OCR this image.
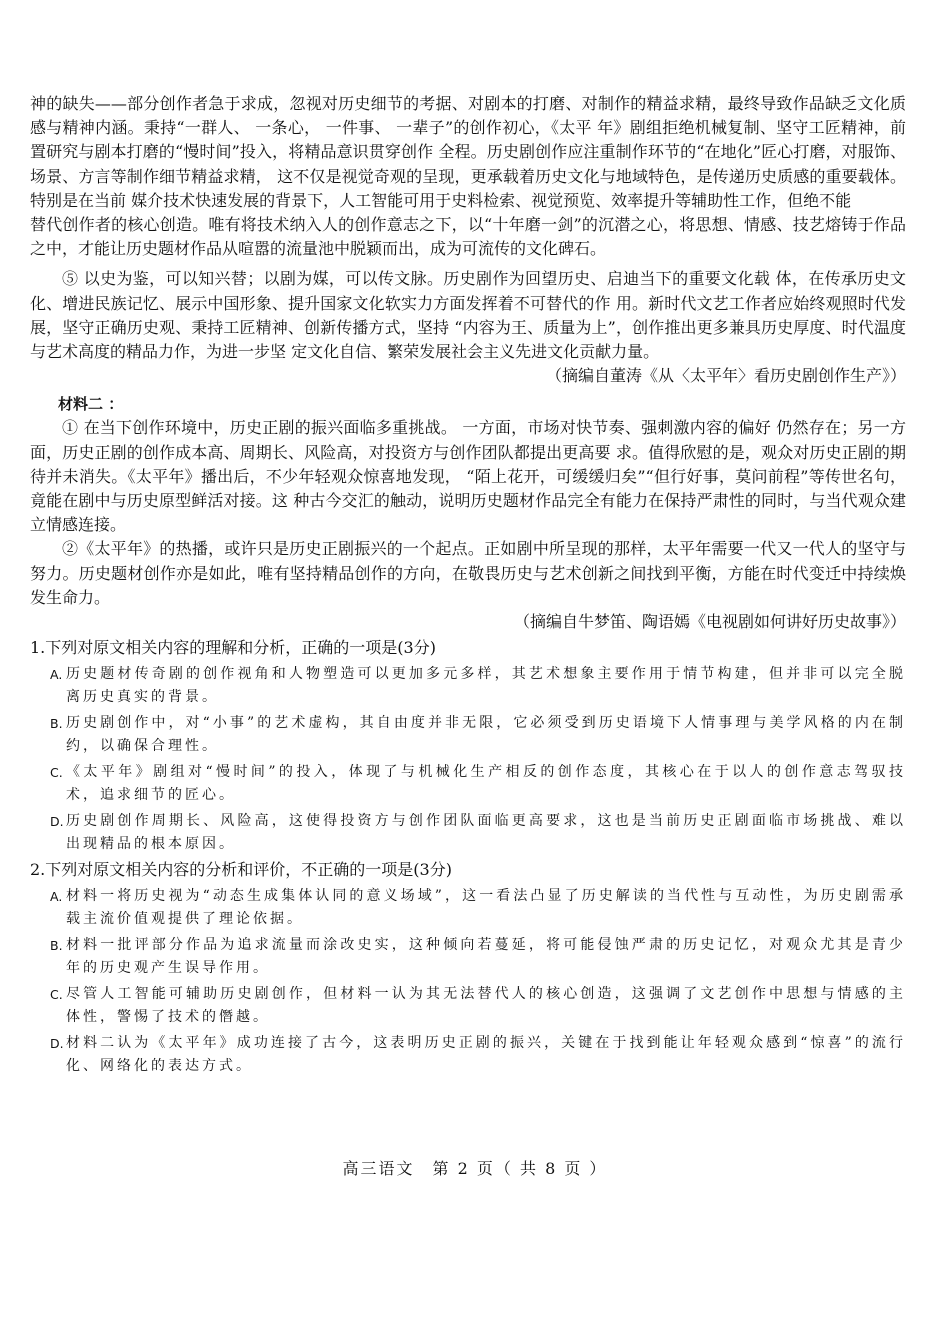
神的缺失——部分创作者急于求成，忽视对历史细节的考据、对剧本的打磨、对制作的精益求精，最终导致作品缺乏文化质感与精神内涵。秉持“一群人、 一条心， 一件事、 一辈子”的创作初心，《太平 年》剧组拒绝机械复制、坚守工匠精神，前置研究与剧本打磨的“慢时间”投入，将精品意识贯穿创作 全程。历史剧创作应注重制作环节的“在地化”匠心打磨，对服饰、场景、方言等制作细节精益求精， 这不仅是视觉奇观的呈现，更承载着历史文化与地域特色，是传递历史质感的重要载体。特别是在当前 媒介技术快速发展的背景下，人工智能可用于史料检索、视觉预览、效率提升等辅助性工作，但绝不能

替代创作者的核心创造。唯有将技术纳入人的创作意志之下，以“十年磨一剑”的沉潜之心，将思想、情感、技艺熔铸于作品之中，才能让历史题材作品从喧嚣的流量池中脱颖而出，成为可流传的文化碑石。

⑤ 以史为鉴，可以知兴替；以剧为媒，可以传文脉。历史剧作为回望历史、启迪当下的重要文化载 体，在传承历史文化、增进民族记忆、展示中国形象、提升国家文化软实力方面发挥着不可替代的作 用。新时代文艺工作者应始终观照时代发展，坚守正确历史观、秉持工匠精神、创新传播方式，坚持 “内容为王、质量为上”，创作推出更多兼具历史厚度、时代温度与艺术高度的精品力作，为进一步坚 定文化自信、繁荣发展社会主义先进文化贡献力量。

（摘编自董涛《从〈太平年〉看历史剧创作生产》）

材料二 ：

① 在当下创作环境中，历史正剧的振兴面临多重挑战。 一方面，市场对快节奏、强刺激内容的偏好 仍然存在；另一方面，历史正剧的创作成本高、周期长、风险高，对投资方与创作团队都提出更高要 求。值得欣慰的是，观众对历史正剧的期待并未消失。《太平年》播出后，不少年轻观众惊喜地发现， “陌上花开，可缓缓归矣”“但行好事，莫问前程”等传世名句，竟能在剧中与历史原型鲜活对接。这 种古今交汇的触动，说明历史题材作品完全有能力在保持严肃性的同时，与当代观众建立情感连接。

②《太平年》的热播，或许只是历史正剧振兴的一个起点。正如剧中所呈现的那样，太平年需要一代又一代人的坚守与努力。历史题材创作亦是如此，唯有坚持精品创作的方向，在敬畏历史与艺术创新之间找到平衡，方能在时代变迁中持续焕发生命力。

（摘编自牛梦笛、陶语嫣《电视剧如何讲好历史故事》）

1.下列对原文相关内容的理解和分析，正确的一项是(3分)

A. 历史题材传奇剧的创作视角和人物塑造可以更加多元多样，其艺术想象主要作用于情节构建，但并非可以完全脱离历史真实的背景。
B. 历史剧创作中，对“小事”的艺术虚构，其自由度并非无限，它必须受到历史语境下人情事理与美学风格的内在制约，以确保合理性。
C. 《太平年》剧组对“慢时间”的投入，体现了与机械化生产相反的创作态度，其核心在于以人的创作意志驾驭技术，追求细节的匠心。
D. 历史剧创作周期长、风险高，这使得投资方与创作团队面临更高要求，这也是当前历史正剧面临市场挑战、难以出现精品的根本原因。

2.下列对原文相关内容的分析和评价，不正确的一项是(3分)

A. 材料一将历史视为“动态生成集体认同的意义场域”，这一看法凸显了历史解读的当代性与互动性，为历史剧需承载主流价值观提供了理论依据。
B. 材料一批评部分作品为追求流量而涂改史实，这种倾向若蔓延，将可能侵蚀严肃的历史记忆，对观众尤其是青少年的历史观产生误导作用。
C. 尽管人工智能可辅助历史剧创作，但材料一认为其无法替代人的核心创造，这强调了文艺创作中思想与情感的主体性，警惕了技术的僭越。
D. 材料二认为《太平年》成功连接了古今，这表明历史正剧的振兴，关键在于找到能让年轻观众感到“惊喜”的流行化、网络化的表达方式。
高三语文　第 2 页（ 共 8 页 ）
